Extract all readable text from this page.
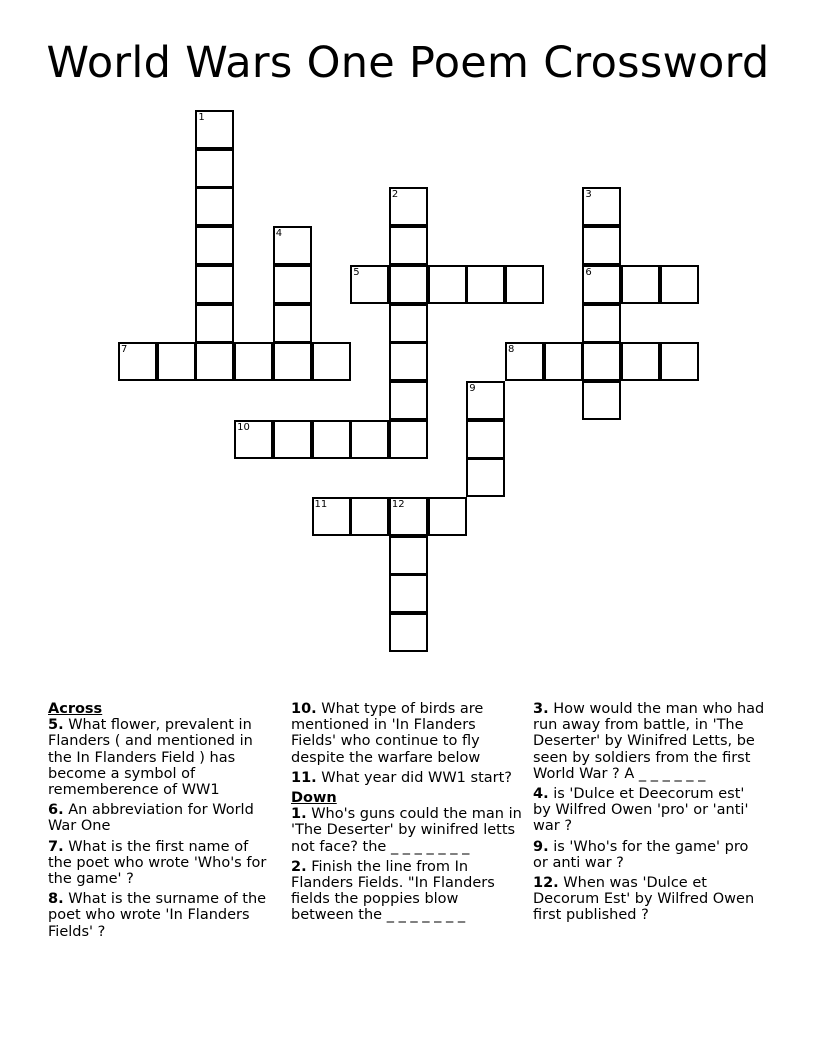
World Wars One Poem Crossword
1
2	3
6
4
5
7	8
9
10
11	12
Across
5. What flower, prevalent in Flanders ( and mentioned in the In Flanders Field ) has become a symbol of rememberence of WW1
6. An abbreviation for World War One
7. What is the first name of the poet who wrote 'Who's for the game' ?
8. What is the surname of the poet who wrote 'In Flanders Fields' ?
10. What type of birds are mentioned in 'In Flanders Fields' who continue to fly despite the warfare below
11. What year did WW1 start?
Down
1. Who's guns could the man in 'The Deserter' by winifred letts not face? the _ _ _ _ _ _ _
2. Finish the line from In Flanders Fields. "In Flanders fields the poppies blow between the _ _ _ _ _ _ _
3. How would the man who had run away from battle, in 'The Deserter' by Winifred Letts, be seen by soldiers from the first World War ? A _ _ _ _ _ _
4. is 'Dulce et Deecorum est' by Wilfred Owen 'pro' or 'anti' war ?
9. is 'Who's for the game' pro or anti war ?
12. When was 'Dulce et Decorum Est' by Wilfred Owen first published ?
